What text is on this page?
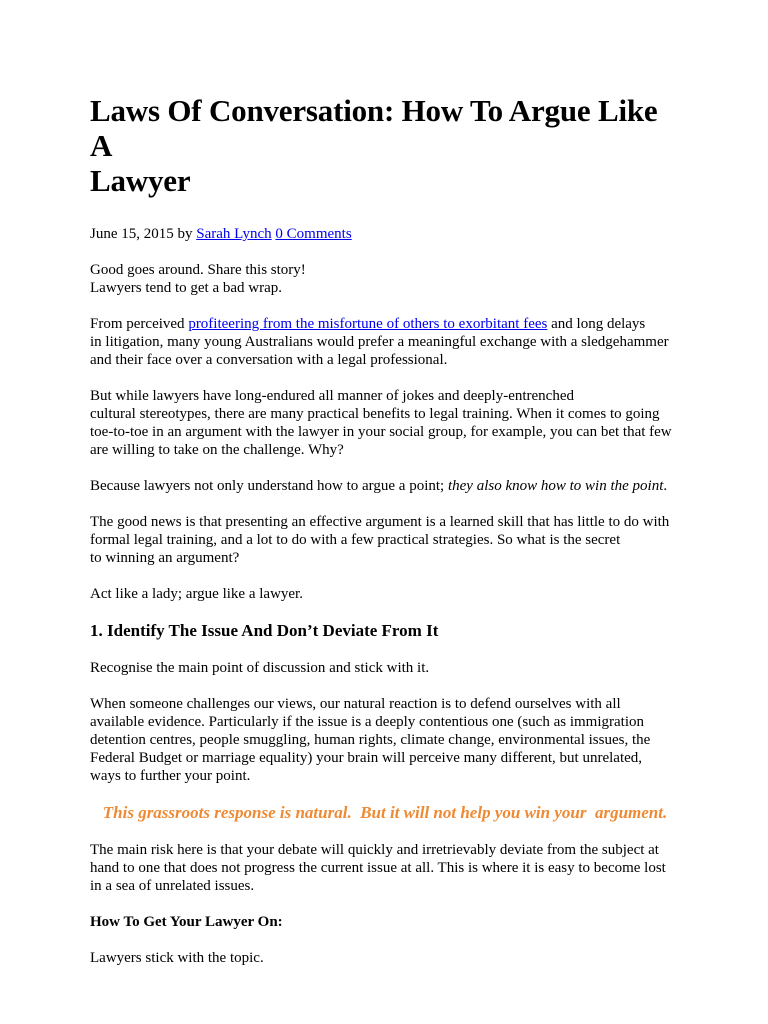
Laws Of Conversation: How To Argue Like A
Lawyer
June 15, 2015 by Sarah Lynch 0 Comments

Good goes around. Share this story!
Lawyers tend to get a bad wrap.

From perceived profiteering from the misfortune of others to exorbitant fees and long delays
in litigation, many young Australians would prefer a meaningful exchange with a sledgehammer
and their face over a conversation with a legal professional.

But while lawyers have long-endured all manner of jokes and deeply-entrenched
cultural stereotypes, there are many practical benefits to legal training. When it comes to going
toe-to-toe in an argument with the lawyer in your social group, for example, you can bet that few
are willing to take on the challenge. Why?

Because lawyers not only understand how to argue a point; they also know how to win the point.

The good news is that presenting an effective argument is a learned skill that has little to do with
formal legal training, and a lot to do with a few practical strategies. So what is the secret
to winning an argument?

Act like a lady; argue like a lawyer.

1. Identify The Issue And Don’t Deviate From It

Recognise the main point of discussion and stick with it.

When someone challenges our views, our natural reaction is to defend ourselves with all
available evidence. Particularly if the issue is a deeply contentious one (such as immigration
detention centres, people smuggling, human rights, climate change, environmental issues, the
Federal Budget or marriage equality) your brain will perceive many different, but unrelated,
ways to further your point.

This grassroots response is natural.  But it will not help you win your  argument.

The main risk here is that your debate will quickly and irretrievably deviate from the subject at
hand to one that does not progress the current issue at all. This is where it is easy to become lost
in a sea of unrelated issues.

How To Get Your Lawyer On:

Lawyers stick with the topic.
